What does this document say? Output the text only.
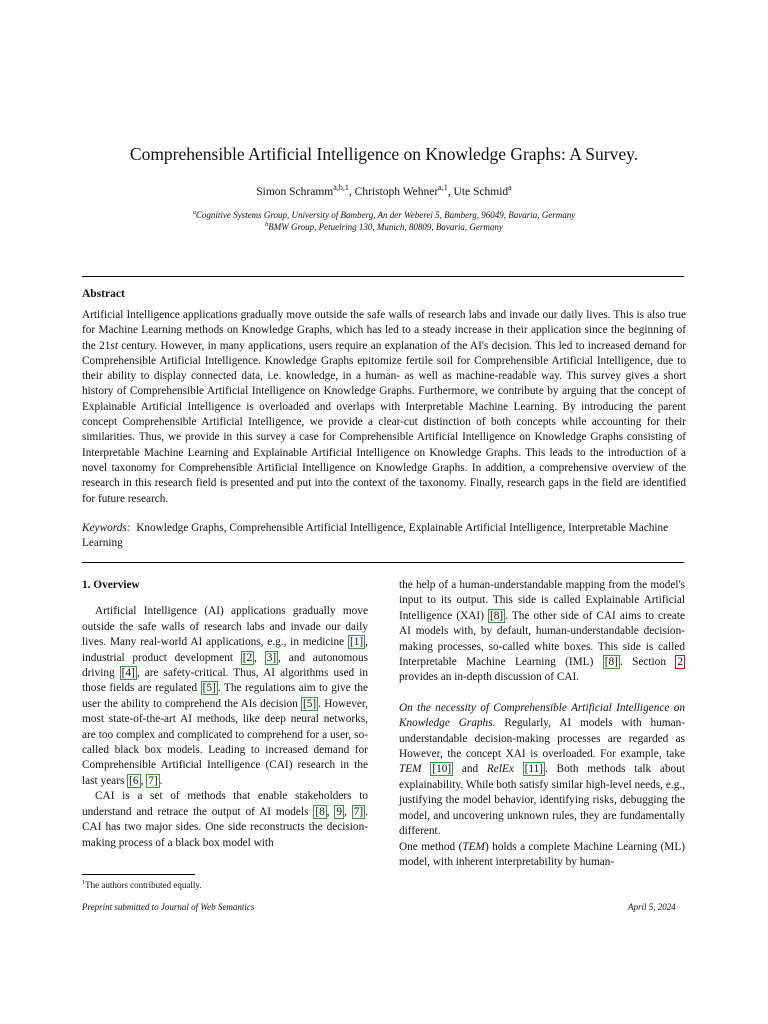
Comprehensible Artificial Intelligence on Knowledge Graphs: A Survey.
Simon Schramm$^{a,b,1}$, Christoph Wehner$^{a,1}$, Ute Schmid$^a$
$^a$Cognitive Systems Group, University of Bamberg, An der Weberei 5, Bamberg, 96049, Bavaria, Germany
$^b$BMW Group, Petuelring 130, Munich, 80809, Bavaria, Germany
Abstract
Artificial Intelligence applications gradually move outside the safe walls of research labs and invade our daily lives. This is also true for Machine Learning methods on Knowledge Graphs, which has led to a steady increase in their application since the beginning of the 21st century. However, in many applications, users require an explanation of the AI's decision. This led to increased demand for Comprehensible Artificial Intelligence. Knowledge Graphs epitomize fertile soil for Comprehensible Artificial Intelligence, due to their ability to display connected data, i.e. knowledge, in a human- as well as machine-readable way. This survey gives a short history of Comprehensible Artificial Intelligence on Knowledge Graphs. Furthermore, we contribute by arguing that the concept of Explainable Artificial Intelligence is overloaded and overlaps with Interpretable Machine Learning. By introducing the parent concept Comprehensible Artificial Intelligence, we provide a clear-cut distinction of both concepts while accounting for their similarities. Thus, we provide in this survey a case for Comprehensible Artificial Intelligence on Knowledge Graphs consisting of Interpretable Machine Learning and Explainable Artificial Intelligence on Knowledge Graphs. This leads to the introduction of a novel taxonomy for Comprehensible Artificial Intelligence on Knowledge Graphs. In addition, a comprehensive overview of the research in this research field is presented and put into the context of the taxonomy. Finally, research gaps in the field are identified for future research.
Keywords: Knowledge Graphs, Comprehensible Artificial Intelligence, Explainable Artificial Intelligence, Interpretable Machine Learning

1. Overview

Artificial Intelligence (AI) applications gradually move outside the safe walls of research labs and invade our daily lives. Many real-world AI applications, e.g., in medicine [1] , industrial product development [2 , 3] , and autonomous driving [4] , are safety-critical. Thus, AI algorithms used in those fields are regulated [5] . The regulations aim to give the user the ability to comprehend the AIs decision [5] . However, most state-of-the-art AI methods, like deep neural networks, are too complex and complicated to comprehend for a user, so-called black box models. Leading to increased demand for Comprehensible Artificial Intelligence (CAI) research in the last years [6 , 7] .

CAI is a set of methods that enable stakeholders to understand and retrace the output of AI models [8 , 9 , 7] . CAI has two major sides. One side reconstructs the decision-making process of a black box model with

the help of a human-understandable mapping from the model's input to its output. This side is called Explainable Artificial Intelligence (XAI) [8] . The other side of CAI aims to create AI models with, by default, human-understandable decision-making processes, so-called white boxes. This side is called Interpretable Machine Learning (IML) [8] . Section 2 provides an in-depth discussion of CAI.

On the necessity of Comprehensible Artificial Intelligence on Knowledge Graphs. Regularly, AI models with human-understandable decision-making processes are regarded as However, the concept XAI is overloaded. For example, take TEM [10] and RelEx [11] . Both methods talk about explainability. While both satisfy similar high-level needs, e.g., justifying the model behavior, identifying risks, debugging the model, and uncovering unknown rules, they are fundamentally different.

One method (TEM) holds a complete Machine Learning (ML) model, with inherent interpretability by human-

$^1$The authors contributed equally.
Preprint submitted to Journal of Web Semantics	April 5, 2024
